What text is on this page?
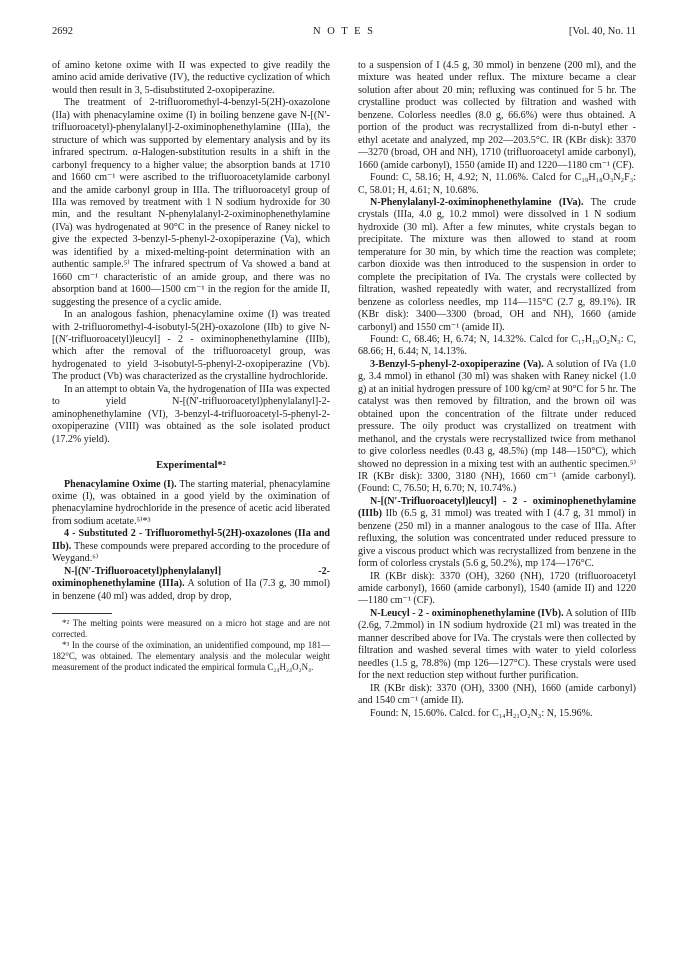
2692	N O T E S	[Vol. 40, No. 11

of amino ketone oxime with II was expected to give readily the amino acid amide derivative (IV), the reductive cyclization of which would then result in 3, 5-disubstituted 2-oxopiperazine.

The treatment of 2-trifluoromethyl-4-benzyl-5(2H)-oxazolone (IIa) with phenacylamine oxime (I) in boiling benzene gave N-[(N′-trifluoroacetyl)-phenylalanyl]-2-oximinophenethylamine (IIIa), the structure of which was supported by elementary analysis and by its infrared spectrum. α-Halogen-substitution results in a shift in the carbonyl frequency to a higher value; the absorption bands at 1710 and 1660 cm⁻¹ were ascribed to the trifluoroacetylamide carbonyl and the amide carbonyl group in IIIa. The trifluoroacetyl group of IIIa was removed by treatment with 1 N sodium hydroxide for 30 min, and the resultant N-phenylalanyl-2-oximinophenethylamine (IVa) was hydrogenated at 90°C in the presence of Raney nickel to give the expected 3-benzyl-5-phenyl-2-oxopiperazine (Va), which was identified by a mixed-melting-point determination with an authentic sample.⁵⁾ The infrared spectrum of Va showed a band at 1660 cm⁻¹ characteristic of an amide group, and there was no absorption band at 1600—1500 cm⁻¹ in the region for the amide II, suggesting the presence of a cyclic amide.

In an analogous fashion, phenacylamine oxime (I) was treated with 2-trifluoromethyl-4-isobutyl-5(2H)-oxazolone (IIb) to give N-[(N′-trifluoroacetyl)leucyl] - 2 - oximinophenethylamine (IIIb), which after the removal of the trifluoroacetyl group, was hydrogenated to yield 3-isobutyl-5-phenyl-2-oxopiperazine (Vb). The product (Vb) was characterized as the crystalline hydrochloride.

In an attempt to obtain Va, the hydrogenation of IIIa was expected to yield N-[(N′-trifluoroacetyl)phenylalanyl]-2-aminophenethylamine (VI), 3-benzyl-4-trifluoroacetyl-5-phenyl-2-oxopiperazine (VIII) was obtained as the sole isolated product (17.2% yield).

Experimental*²

Phenacylamine Oxime (I). The starting material, phenacylamine oxime (I), was obtained in a good yield by the oximination of phenacylamine hydrochloride in the presence of acetic acid liberated from sodium acetate.⁵⁾*³

4 - Substituted 2 - Trifluoromethyl-5(2H)-oxazolones (IIa and IIb). These compounds were prepared according to the procedure of Weygand.⁶⁾

N-[(N′-Trifluoroacetyl)phenylalanyl] -2-oximinophenethylamine (IIIa). A solution of IIa (7.3 g, 30 mmol) in benzene (40 ml) was added, drop by drop,

*² The melting points were measured on a micro hot stage and are not corrected.

*³ In the course of the oximination, an unidentified compound, mp 181—182°C, was obtained. The elementary analysis and the molecular weight measurement of the product indicated the empirical formula C₂₄H₂₄O₂N₄.

to a suspension of I (4.5 g, 30 mmol) in benzene (200 ml), and the mixture was heated under reflux. The mixture became a clear solution after about 20 min; refluxing was continued for 5 hr. The crystalline product was collected by filtration and washed with benzene. Colorless needles (8.0 g, 66.6%) were thus obtained. A portion of the product was recrystallized from di-n-butyl ether - ethyl acetate and analyzed, mp 202—203.5°C. IR (KBr disk): 3370—3270 (broad, OH and NH), 1710 (trifluoroacetyl amide carbonyl), 1660 (amide carbonyl), 1550 (amide II) and 1220—1180 cm⁻¹ (CF).

Found: C, 58.16; H, 4.92; N, 11.06%. Calcd for C₁₉H₁₈O₃N₂F₃: C, 58.01; H, 4.61; N, 10.68%.

N-Phenylalanyl-2-oximinophenethylamine (IVa). The crude crystals (IIIa, 4.0 g, 10.2 mmol) were dissolved in 1 N sodium hydroxide (30 ml). After a few minutes, white crystals began to precipitate. The mixture was then allowed to stand at room temperature for 30 min, by which time the reaction was complete; carbon dioxide was then introduced to the suspension in order to complete the precipitation of IVa. The crystals were collected by filtration, washed repeatedly with water, and recrystallized from benzene as colorless needles, mp 114—115°C (2.7 g, 89.1%). IR (KBr disk): 3400—3300 (broad, OH and NH), 1660 (amide carbonyl) and 1550 cm⁻¹ (amide II).

Found: C, 68.46; H, 6.74; N, 14.32%. Calcd for C₁₇H₁₉O₂N₃: C, 68.66; H, 6.44; N, 14.13%.

3-Benzyl-5-phenyl-2-oxopiperazine (Va). A solution of IVa (1.0 g, 3.4 mmol) in ethanol (30 ml) was shaken with Raney nickel (1.0 g) at an initial hydrogen pressure of 100 kg/cm² at 90°C for 5 hr. The catalyst was then removed by filtration, and the brown oil was obtained upon the concentration of the filtrate under reduced pressure. The oily product was crystallized on treatment with methanol, and the crystals were recrystallized twice from methanol to give colorless needles (0.43 g, 48.5%) (mp 148—150°C), which showed no depression in a mixing test with an authentic specimen.⁵⁾ IR (KBr disk): 3300, 3180 (NH), 1660 cm⁻¹ (amide carbonyl). (Found: C, 76.50; H, 6.70; N, 10.74%.)

N-[(N′-Trifluoroacetyl)leucyl] - 2 - oximinophenethylamine (IIIb) IIb (6.5 g, 31 mmol) was treated with I (4.7 g, 31 mmol) in benzene (250 ml) in a manner analogous to the case of IIIa. After refluxing, the solution was concentrated under reduced pressure to give a viscous product which was recrystallized from benzene in the form of colorless crystals (5.6 g, 50.2%), mp 174—176°C.

IR (KBr disk): 3370 (OH), 3260 (NH), 1720 (trifluoroacetyl amide carbonyl), 1660 (amide carbonyl), 1540 (amide II) and 1220—1180 cm⁻¹ (CF).

N-Leucyl - 2 - oximinophenethylamine (IVb). A solution of IIIb (2.6g, 7.2mmol) in 1N sodium hydroxide (21 ml) was treated in the manner described above for IVa. The crystals were then collected by filtration and washed several times with water to yield colorless needles (1.5 g, 78.8%) (mp 126—127°C). These crystals were used for the next reduction step without further purification.

IR (KBr disk): 3370 (OH), 3300 (NH), 1660 (amide carbonyl) and 1540 cm⁻¹ (amide II).

Found: N, 15.60%. Calcd. for C₁₄H₂₁O₂N₃: N, 15.96%.
